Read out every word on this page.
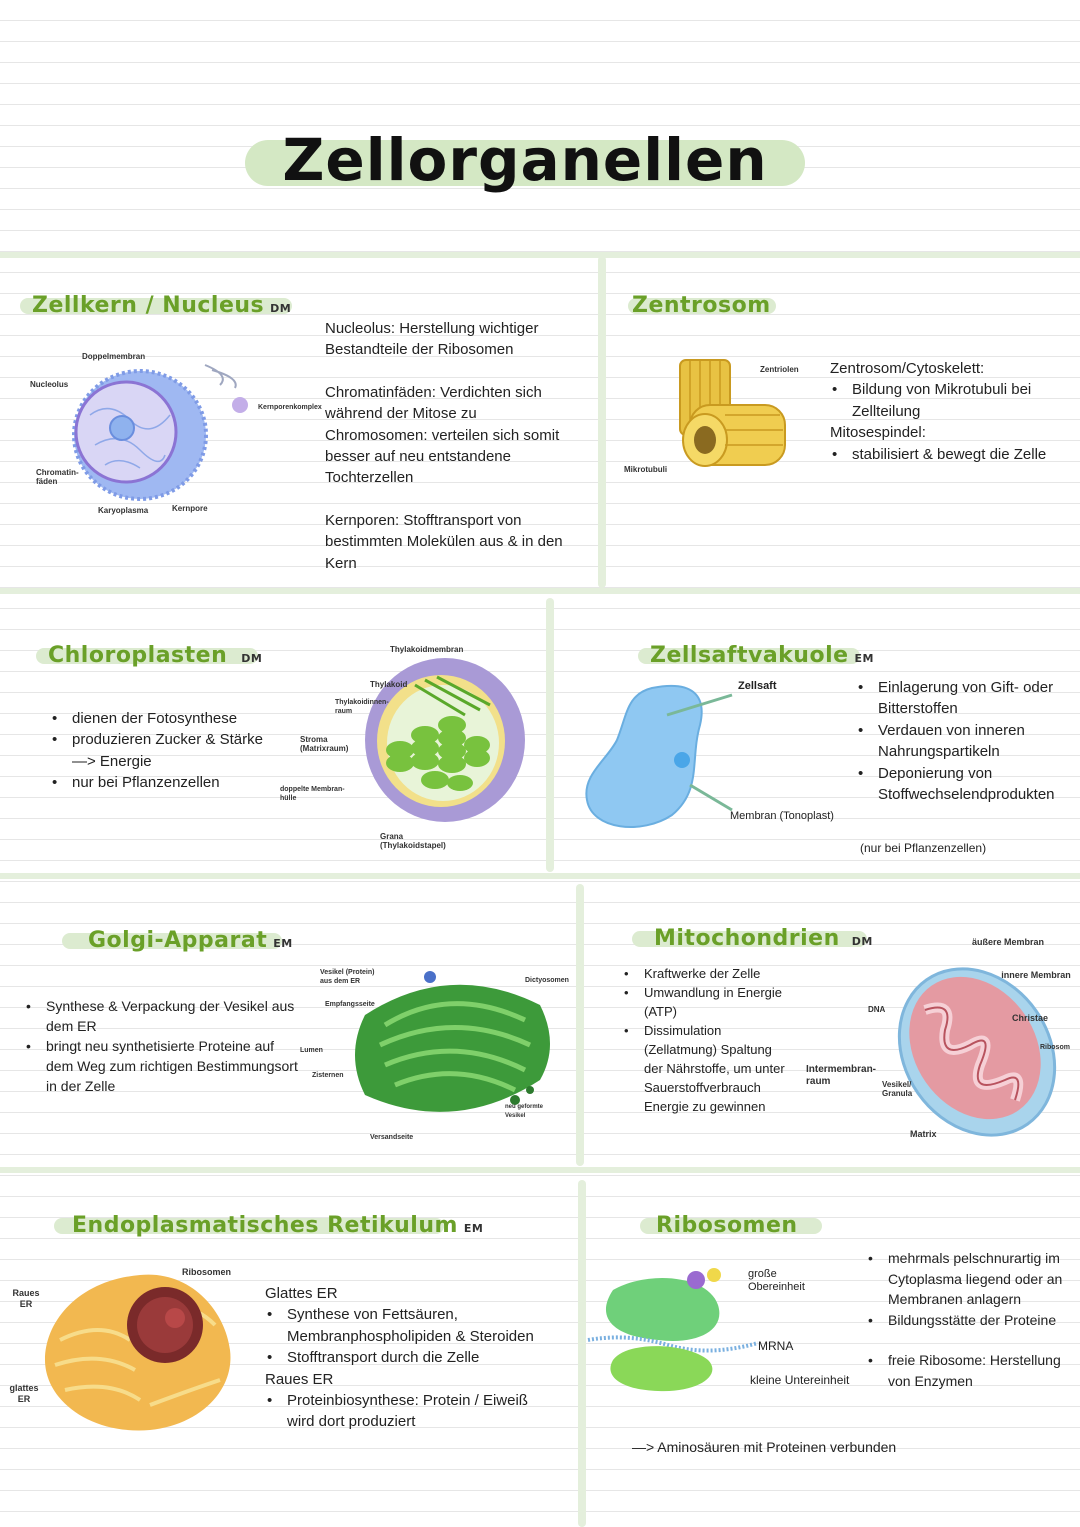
Zellorganellen
Zellkern / Nucleus DM
Doppelmembran
Nucleolus
Chromatin-fäden
Karyoplasma	Kernpore
Kernporenkomplex
Nucleolus: Herstellung wichtiger Bestandteile der Ribosomen
Chromatinfäden: Verdichten sich während der Mitose zu Chromosomen: verteilen sich somit besser auf neu entstandene Tochterzellen
Kernporen: Stofftransport von bestimmten Molekülen aus & in den Kern
Zentrosom
Zentriolen
Mikrotubuli
Zentrosom/Cytoskelett:
• Bildung von Mikrotubuli bei Zellteilung
Mitosespindel:
• stabilisiert & bewegt die Zelle
Chloroplasten DM
• dienen der Fotosynthese
• produzieren Zucker & Stärke
—> Energie
• nur bei Pflanzenzellen
Thylakoidmembran
Thylakoid
Thylakoidinnen-raum
Stroma (Matrixraum)
doppelte Membran-hülle
Grana (Thylakoidstapel)
Zellsaftvakuole EM
Zellsaft
Membran (Tonoplast)
• Einlagerung von Gift- oder Bitterstoffen
• Verdauen von inneren Nahrungspartikeln
• Deponierung von Stoffwechselendprodukten
(nur bei Pflanzenzellen)
Golgi-Apparat EM
• Synthese & Verpackung der Vesikel aus dem ER
• bringt neu synthetisierte Proteine auf dem Weg zum richtigen Bestimmungsort in der Zelle
Vesikel (Protein) aus dem ER
Empfangsseite
Lumen
Zisternen
Versandseite
Dictyosomen
neu geformte Vesikel
Mitochondrien DM
• Kraftwerke der Zelle
• Umwandlung in Energie (ATP)
• Dissimulation (Zellatmung) Spaltung der Nährstoffe, um unter Sauerstoffverbrauch Energie zu gewinnen
äußere Membran
innere Membran
Christae
Ribosom
DNA
Intermembran-raum	Vesikel/ Granula
Matrix
Endoplasmatisches Retikulum EM
Raues ER
glattes ER
Ribosomen
Glattes ER
• Synthese von Fettsäuren, Membranphospholipiden & Steroiden
• Stofftransport durch die Zelle
Raues ER
• Proteinbiosynthese: Protein / Eiweiß wird dort produziert
Ribosomen
große Obereinheit
MRNA
kleine Untereinheit
• mehrmals pelschnurartig im Cytoplasma liegend oder an Membranen anlagern
• Bildungsstätte der Proteine
• freie Ribosome: Herstellung von Enzymen
—> Aminosäuren mit Proteinen verbunden
